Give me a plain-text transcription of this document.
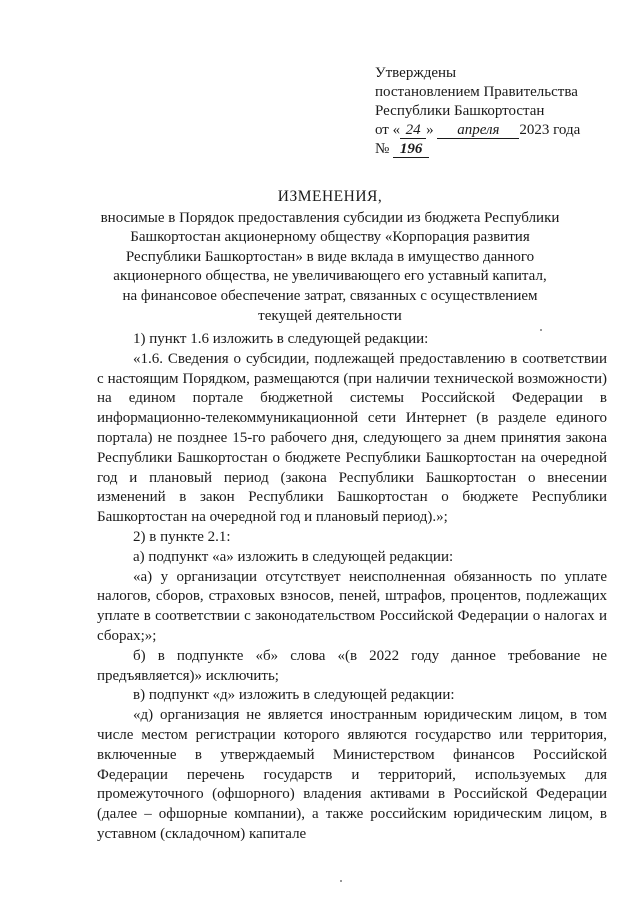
Утверждены
постановлением Правительства
Республики Башкортостан
от « 24 » апреля 2023 года
№ 196
ИЗМЕНЕНИЯ,
вносимые в Порядок предоставления субсидии из бюджета Республики
Башкортостан акционерному обществу «Корпорация развития
Республики Башкортостан» в виде вклада в имущество данного
акционерного общества, не увеличивающего его уставный капитал,
на финансовое обеспечение затрат, связанных с осуществлением
текущей деятельности

1) пункт 1.6 изложить в следующей редакции:

«1.6. Сведения о субсидии, подлежащей предоставлению в соответствии с настоящим Порядком, размещаются (при наличии технической возможности) на едином портале бюджетной системы Российской Федерации в информационно-телекоммуникационной сети Интернет (в разделе единого портала) не позднее 15-го рабочего дня, следующего за днем принятия закона Республики Башкортостан о бюджете Республики Башкортостан на очередной год и плановый период (закона Республики Башкортостан о внесении изменений в закон Республики Башкортостан о бюджете Республики Башкортостан на очередной год и плановый период).»;

2) в пункте 2.1:

а) подпункт «а» изложить в следующей редакции:

«а) у организации отсутствует неисполненная обязанность по уплате налогов, сборов, страховых взносов, пеней, штрафов, процентов, подлежащих уплате в соответствии с законодательством Российской Федерации о налогах и сборах;»;

б) в подпункте «б» слова «(в 2022 году данное требование не предъявляется)» исключить;

в) подпункт «д» изложить в следующей редакции:

«д) организация не является иностранным юридическим лицом, в том числе местом регистрации которого являются государство или территория, включенные в утверждаемый Министерством финансов Российской Федерации перечень государств и территорий, используемых для промежуточного (офшорного) владения активами в Российской Федерации (далее – офшорные компании), а также российским юридическим лицом, в уставном (складочном) капитале
